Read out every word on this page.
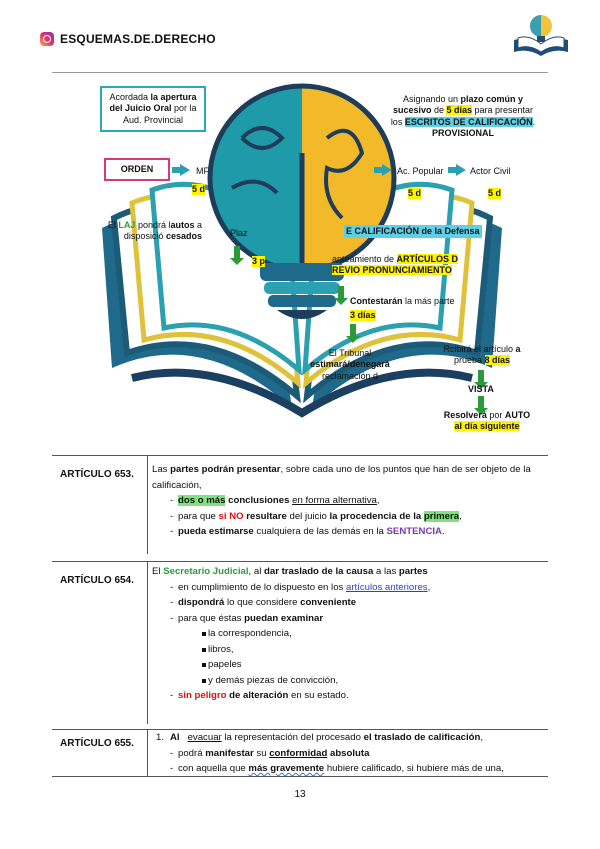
ESQUEMAS.DE.DERECHO
Acordada la apertura del Juicio Oral por la Aud. Provincial
Asignando un plazo común y sucesivo de 5 días para presentar los ESCRITOS DE CALIFICACIÓN.
PROVISIONAL
ORDEN	MF
5 d
Ac. Popular
5 d
Actor Civil
5 d
El LAJ pondrá lautos a
disposició cesados	Plaz	E CALIFICACIÓN de la Defensa
3 p	anteamiento de ARTÍCULOS D
REVIO PRONUNCIAMIENTO
Contestarán la más parte
3 días
El Tribunal
estimará/denegará
reclamación d
Rcibirá el artículo a
prueba 8 días
VISTA
Resolverá por AUTO
al día siguiente
ARTÍCULO 653. Las partes podrán presentar, sobre cada uno de los puntos que han de ser objeto de la calificación,
- dos o más conclusiones en forma alternativa,
- para que si NO resultare del juicio la procedencia de la primera,
- pueda estimarse cualquiera de las demás en la SENTENCIA.
ARTÍCULO 654.
El Secretario Judicial, al dar traslado de la causa a las partes
- en cumplimiento de lo dispuesto en los artículos anteriores,
- dispondrá lo que considere conveniente
- para que éstas puedan examinar
la correspondencia,
libros,
papeles
y demás piezas de convicción,
- sin peligro de alteración en su estado.
ARTÍCULO 655.
1. Al evacuar la representación del procesado el traslado de calificación,
- podrá manifestar su conformidad absoluta
- con aquella que más gravemente hubiere calificado, si hubiere más de una,
13
